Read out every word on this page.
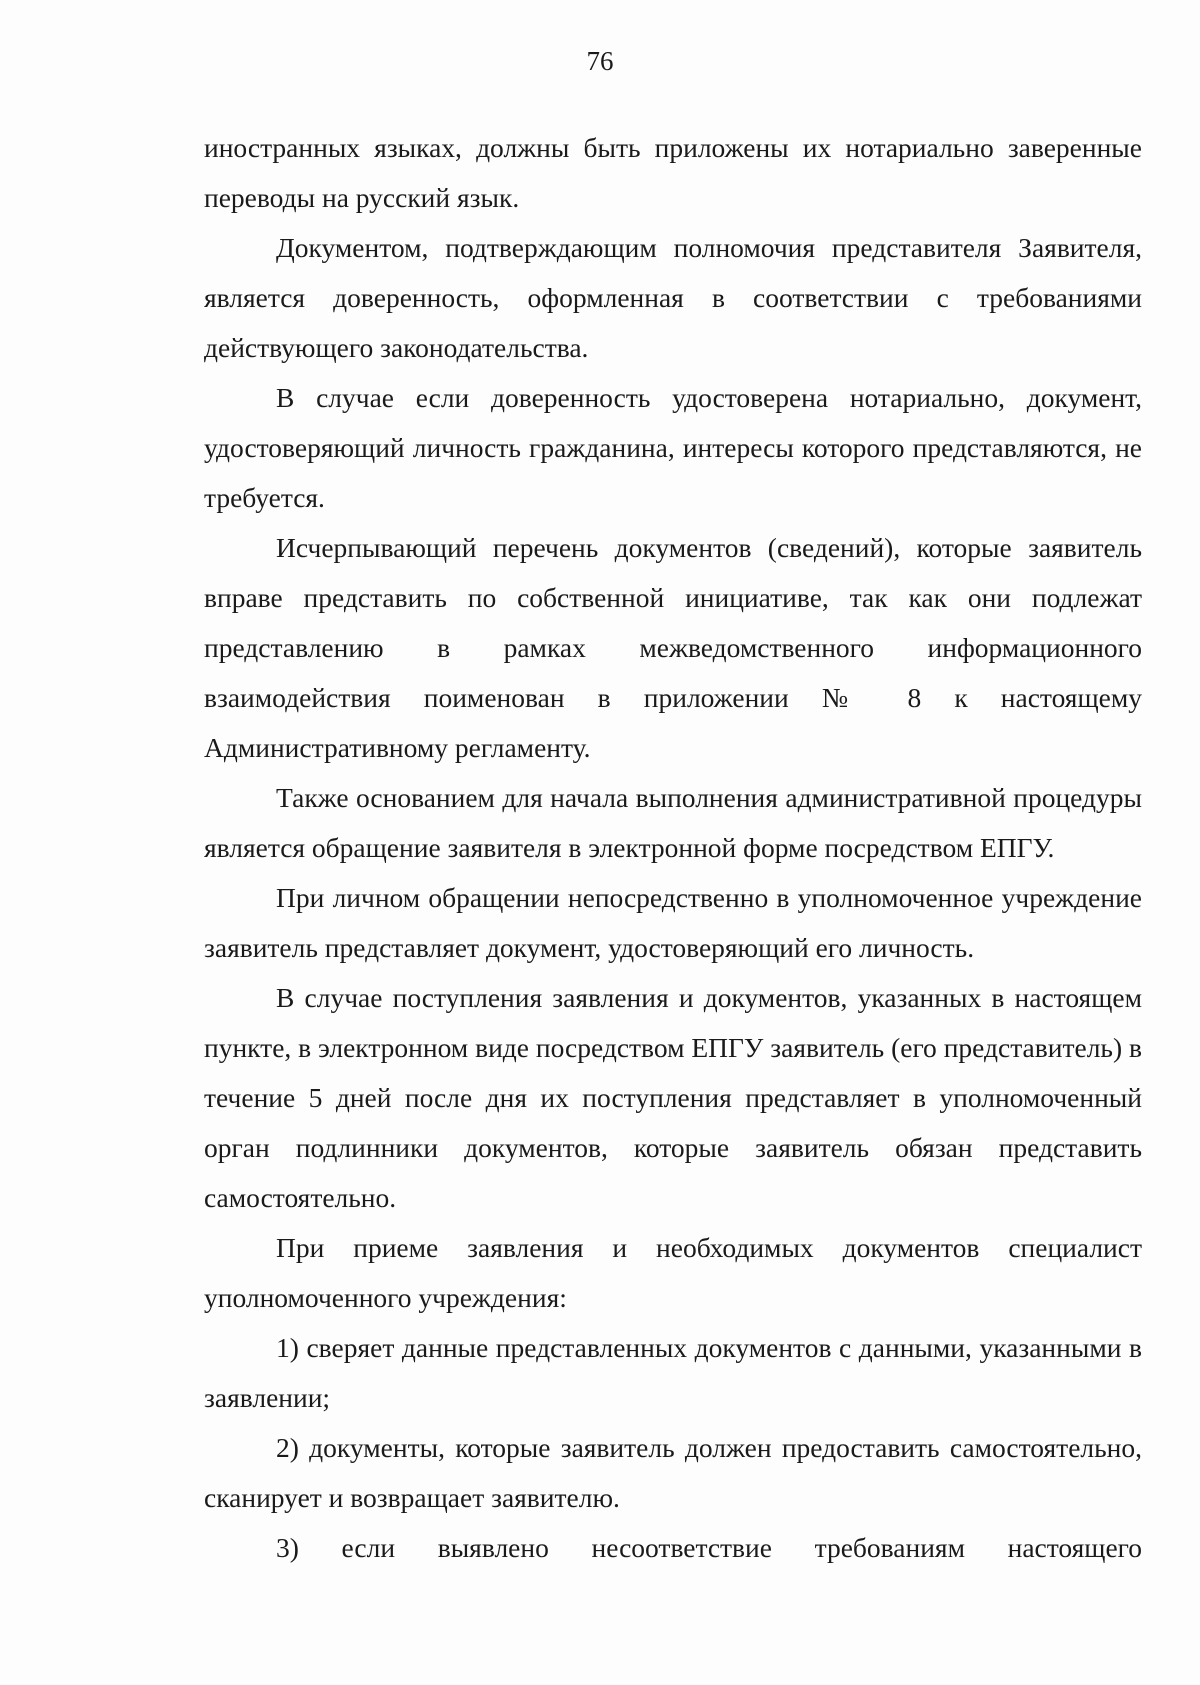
76

иностранных языках, должны быть приложены их нотариально заверенные переводы на русский язык.

Документом, подтверждающим полномочия представителя Заявителя, является доверенность, оформленная в соответствии с требованиями действующего законодательства.

В случае если доверенность удостоверена нотариально, документ, удостоверяющий личность гражданина, интересы которого представляются, не требуется.

Исчерпывающий перечень документов (сведений), которые заявитель вправе представить по собственной инициативе, так как они подлежат представлению в рамках межведомственного информационного взаимодействия поименован в приложении № 8 к настоящему Административному регламенту.

Также основанием для начала выполнения административной процедуры является обращение заявителя в электронной форме посредством ЕПГУ.

При личном обращении непосредственно в уполномоченное учреждение заявитель представляет документ, удостоверяющий его личность.

В случае поступления заявления и документов, указанных в настоящем пункте, в электронном виде посредством ЕПГУ заявитель (его представитель) в течение 5 дней после дня их поступления представляет в уполномоченный орган подлинники документов, которые заявитель обязан представить самостоятельно.

При приеме заявления и необходимых документов специалист уполномоченного учреждения:

1) сверяет данные представленных документов с данными, указанными в заявлении;

2) документы, которые заявитель должен предоставить самостоятельно, сканирует и возвращает заявителю.

3) если выявлено несоответствие требованиям настоящего
